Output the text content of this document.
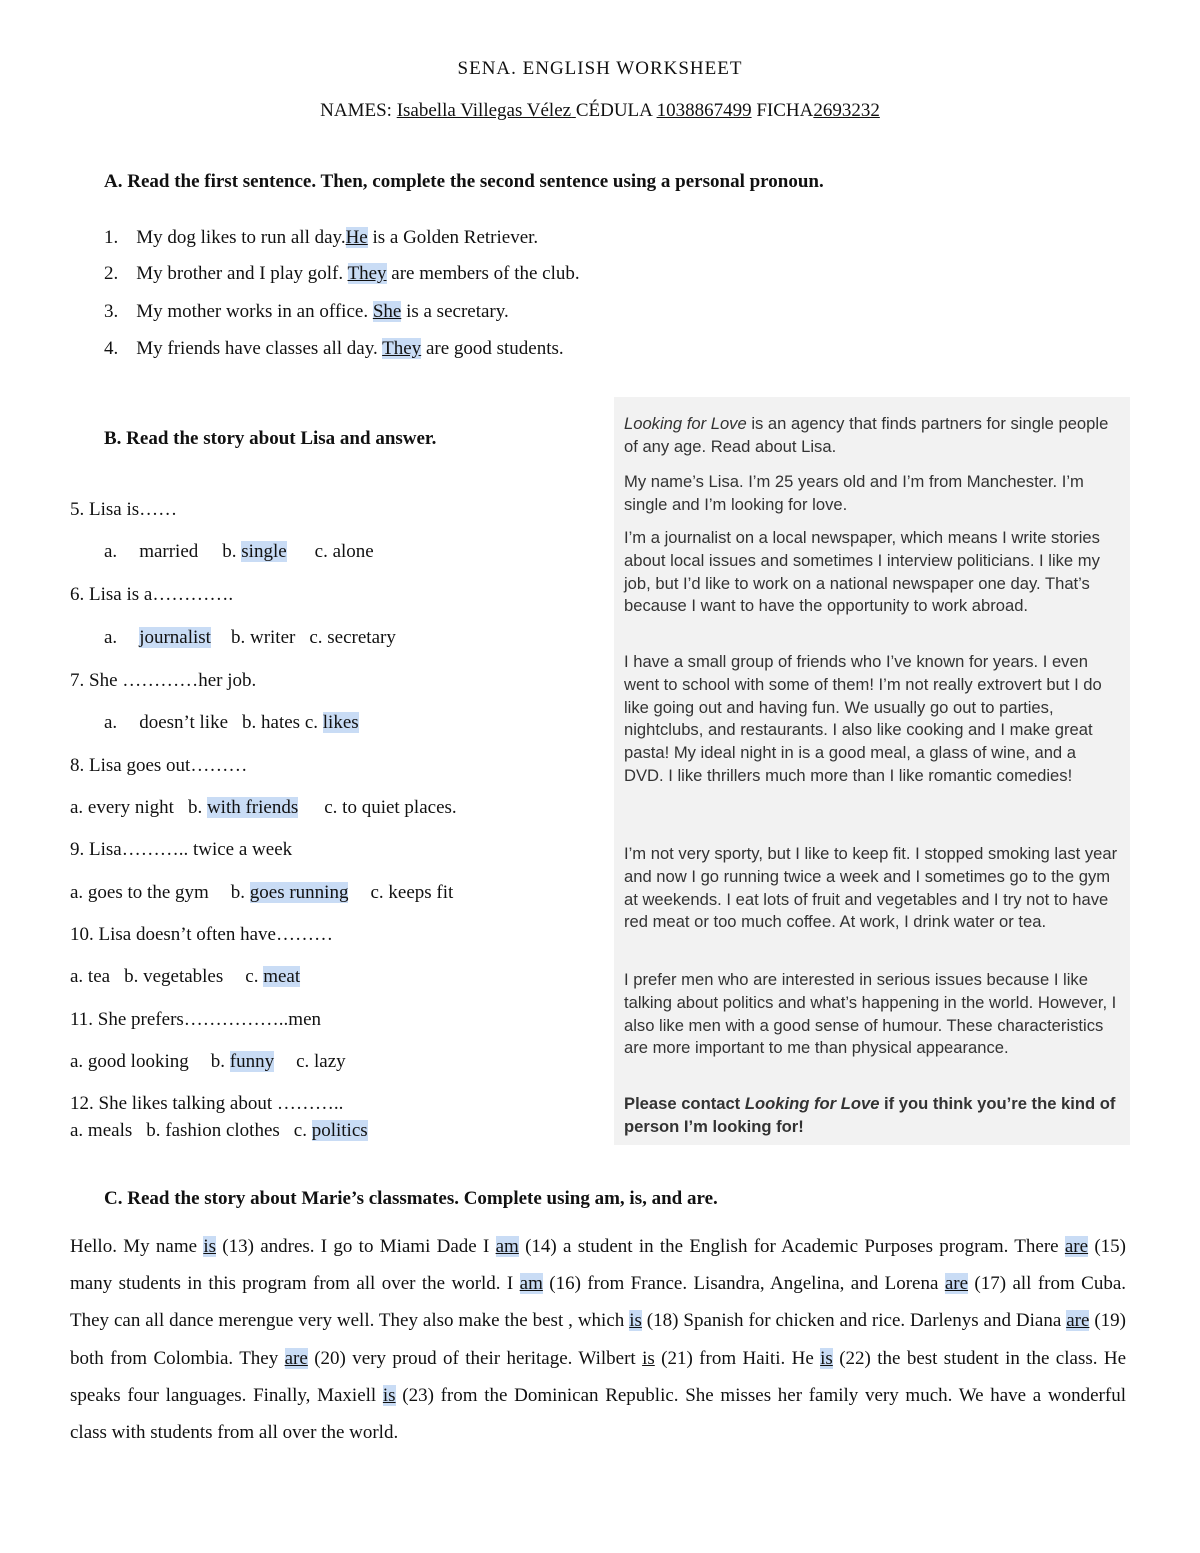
SENA. ENGLISH WORKSHEET
NAMES: Isabella Villegas Vélez CÉDULA 1038867499 FICHA2693232
A. Read the first sentence. Then, complete the second sentence using a personal pronoun.
1. My dog likes to run all day.He is a Golden Retriever.
2. My brother and I play golf. They are members of the club.
3. My mother works in an office. She is a secretary.
4. My friends have classes all day. They are good students.
B. Read the story about Lisa and answer.
5. Lisa is……
a. married b. single c. alone
6. Lisa is a………….
a. journalist b. writer c. secretary
7. She …………her job.
a. doesn’t like b. hates c. likes
8. Lisa goes out………
a. every night b. with friends c. to quiet places.
9. Lisa……….. twice a week
a. goes to the gym b. goes running c. keeps fit
10. Lisa doesn’t often have………
a. tea b. vegetables c. meat
11. She prefers……………..men
a. good looking b. funny c. lazy
12. She likes talking about ………..
a. meals b. fashion clothes c. politics

Looking for Love is an agency that finds partners for single people of any age. Read about Lisa.

My name’s Lisa. I’m 25 years old and I’m from Manchester. I’m single and I’m looking for love.

I’m a journalist on a local newspaper, which means I write stories about local issues and sometimes I interview politicians. I like my job, but I’d like to work on a national newspaper one day. That’s because I want to have the opportunity to work abroad.

I have a small group of friends who I’ve known for years. I even went to school with some of them! I’m not really extrovert but I do like going out and having fun. We usually go out to parties, nightclubs, and restaurants. I also like cooking and I make great pasta! My ideal night in is a good meal, a glass of wine, and a DVD. I like thrillers much more than I like romantic comedies!

I’m not very sporty, but I like to keep fit. I stopped smoking last year and now I go running twice a week and I sometimes go to the gym at weekends. I eat lots of fruit and vegetables and I try not to have red meat or too much coffee. At work, I drink water or tea.

I prefer men who are interested in serious issues because I like talking about politics and what’s happening in the world. However, I also like men with a good sense of humour. These characteristics are more important to me than physical appearance.

Please contact Looking for Love if you think you’re the kind of person I’m looking for!

C. Read the story about Marie’s classmates. Complete using am, is, and are.
Hello. My name is (13) andres. I go to Miami Dade I am (14) a student in the English for Academic Purposes program. There are (15) many students in this program from all over the world. I am (16) from France. Lisandra, Angelina, and Lorena are (17) all from Cuba. They can all dance merengue very well. They also make the best , which is (18) Spanish for chicken and rice. Darlenys and Diana are (19) both from Colombia. They are (20) very proud of their heritage. Wilbert is (21) from Haiti. He is (22) the best student in the class. He speaks four languages. Finally, Maxiell is (23) from the Dominican Republic. She misses her family very much. We have a wonderful class with students from all over the world.
